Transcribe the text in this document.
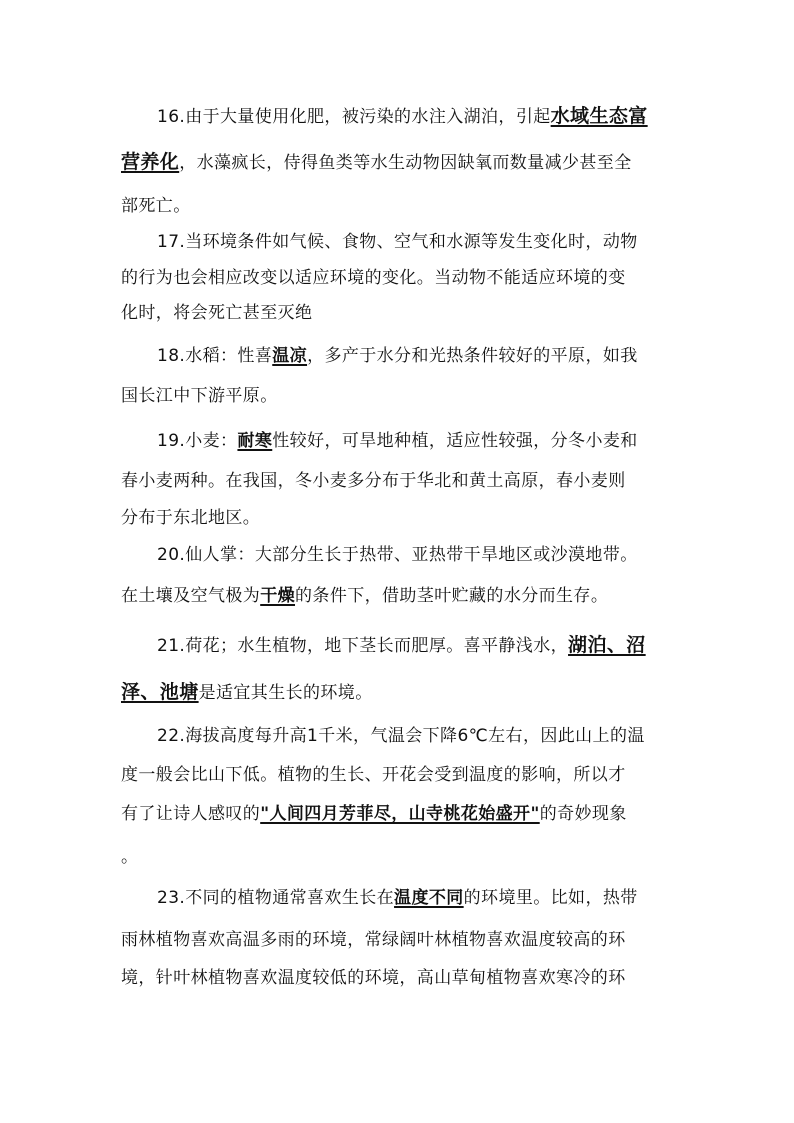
16.由于大量使用化肥，被污染的水注入湖泊，引起水域生态富
营养化，水藻疯长，侍得鱼类等水生动物因缺氧而数量减少甚至全
部死亡。
17.当环境条件如气候、食物、空气和水源等发生变化时，动物
的行为也会相应改变以适应环境的变化。当动物不能适应环境的变
化时，将会死亡甚至灭绝
18.水稻：性喜温凉，多产于水分和光热条件较好的平原，如我
国长江中下游平原。
19.小麦：耐寒性较好，可旱地种植，适应性较强，分冬小麦和
春小麦两种。在我国，冬小麦多分布于华北和黄土高原，春小麦则
分布于东北地区。
20.仙人掌：大部分生长于热带、亚热带干旱地区或沙漠地带。
在土壤及空气极为干燥的条件下，借助茎叶贮藏的水分而生存。
21.荷花；水生植物，地下茎长而肥厚。喜平静浅水，湖泊、沼
泽、池塘是适宜其生长的环境。
22.海拔高度每升高1千米，气温会下降6℃左右，因此山上的温
度一般会比山下低。植物的生长、开花会受到温度的影响，所以才
有了让诗人感叹的"人间四月芳菲尽，山寺桃花始盛开"的奇妙现象
。
23.不同的植物通常喜欢生长在温度不同的环境里。比如，热带
雨林植物喜欢高温多雨的环境，常绿阔叶林植物喜欢温度较高的环
境，针叶林植物喜欢温度较低的环境，高山草甸植物喜欢寒冷的环
